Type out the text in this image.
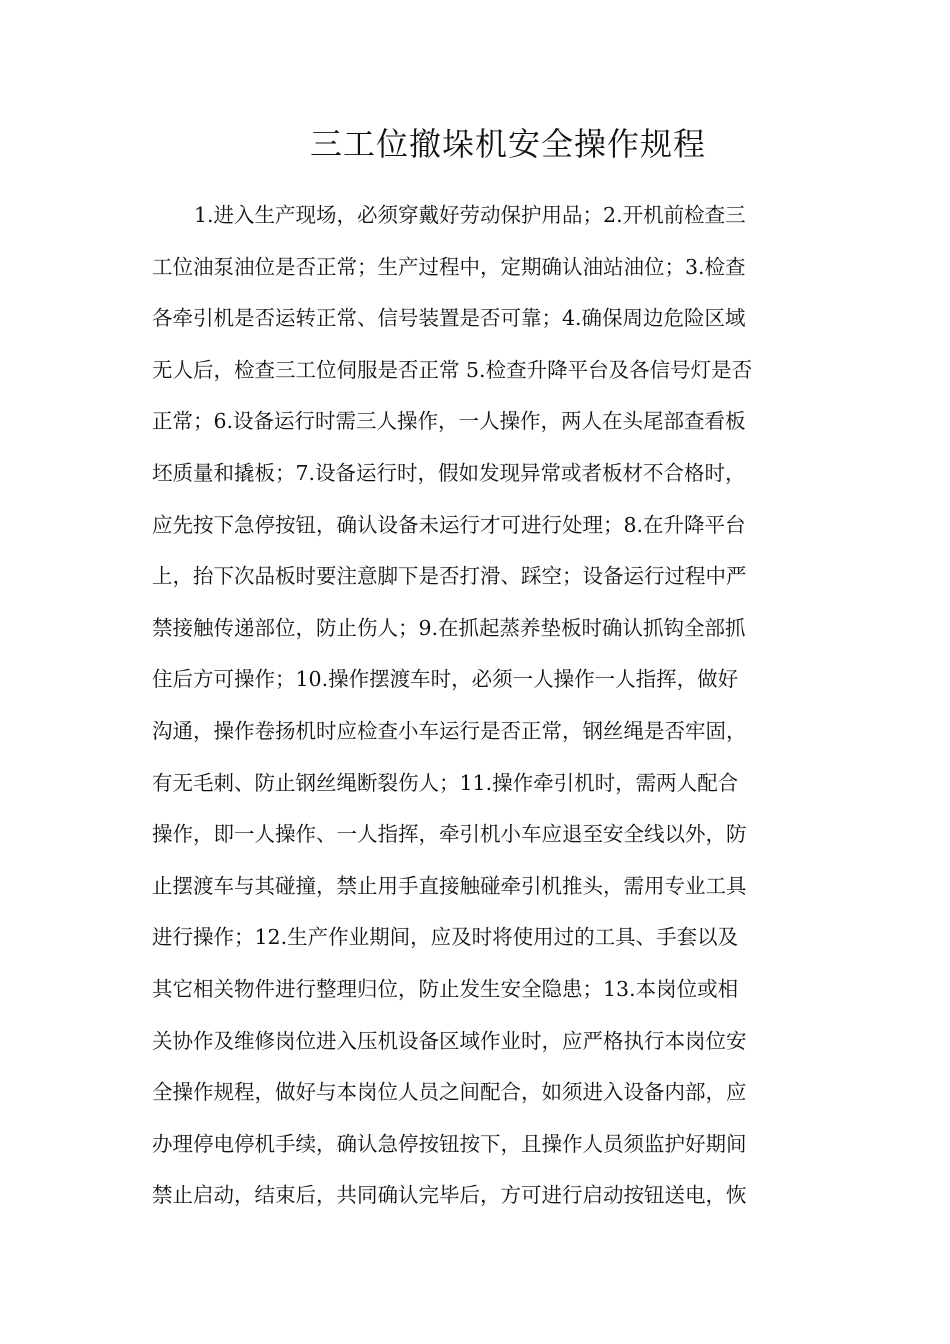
三工位撤垛机安全操作规程
1.进入生产现场，必须穿戴好劳动保护用品；2.开机前检查三
工位油泵油位是否正常；生产过程中，定期确认油站油位；3.检查
各牵引机是否运转正常、信号装置是否可靠；4.确保周边危险区域
无人后，检查三工位伺服是否正常 5.检查升降平台及各信号灯是否
正常；6.设备运行时需三人操作，一人操作，两人在头尾部查看板
坯质量和撬板；7.设备运行时，假如发现异常或者板材不合格时，
应先按下急停按钮，确认设备未运行才可进行处理；8.在升降平台
上，抬下次品板时要注意脚下是否打滑、踩空；设备运行过程中严
禁接触传递部位，防止伤人；9.在抓起蒸养垫板时确认抓钩全部抓
住后方可操作；10.操作摆渡车时，必须一人操作一人指挥，做好
沟通，操作卷扬机时应检查小车运行是否正常，钢丝绳是否牢固，
有无毛刺、防止钢丝绳断裂伤人；11.操作牵引机时，需两人配合
操作，即一人操作、一人指挥，牵引机小车应退至安全线以外，防
止摆渡车与其碰撞，禁止用手直接触碰牵引机推头，需用专业工具
进行操作；12.生产作业期间，应及时将使用过的工具、手套以及
其它相关物件进行整理归位，防止发生安全隐患；13.本岗位或相
关协作及维修岗位进入压机设备区域作业时，应严格执行本岗位安
全操作规程，做好与本岗位人员之间配合，如须进入设备内部，应
办理停电停机手续，确认急停按钮按下，且操作人员须监护好期间
禁止启动，结束后，共同确认完毕后，方可进行启动按钮送电，恢
